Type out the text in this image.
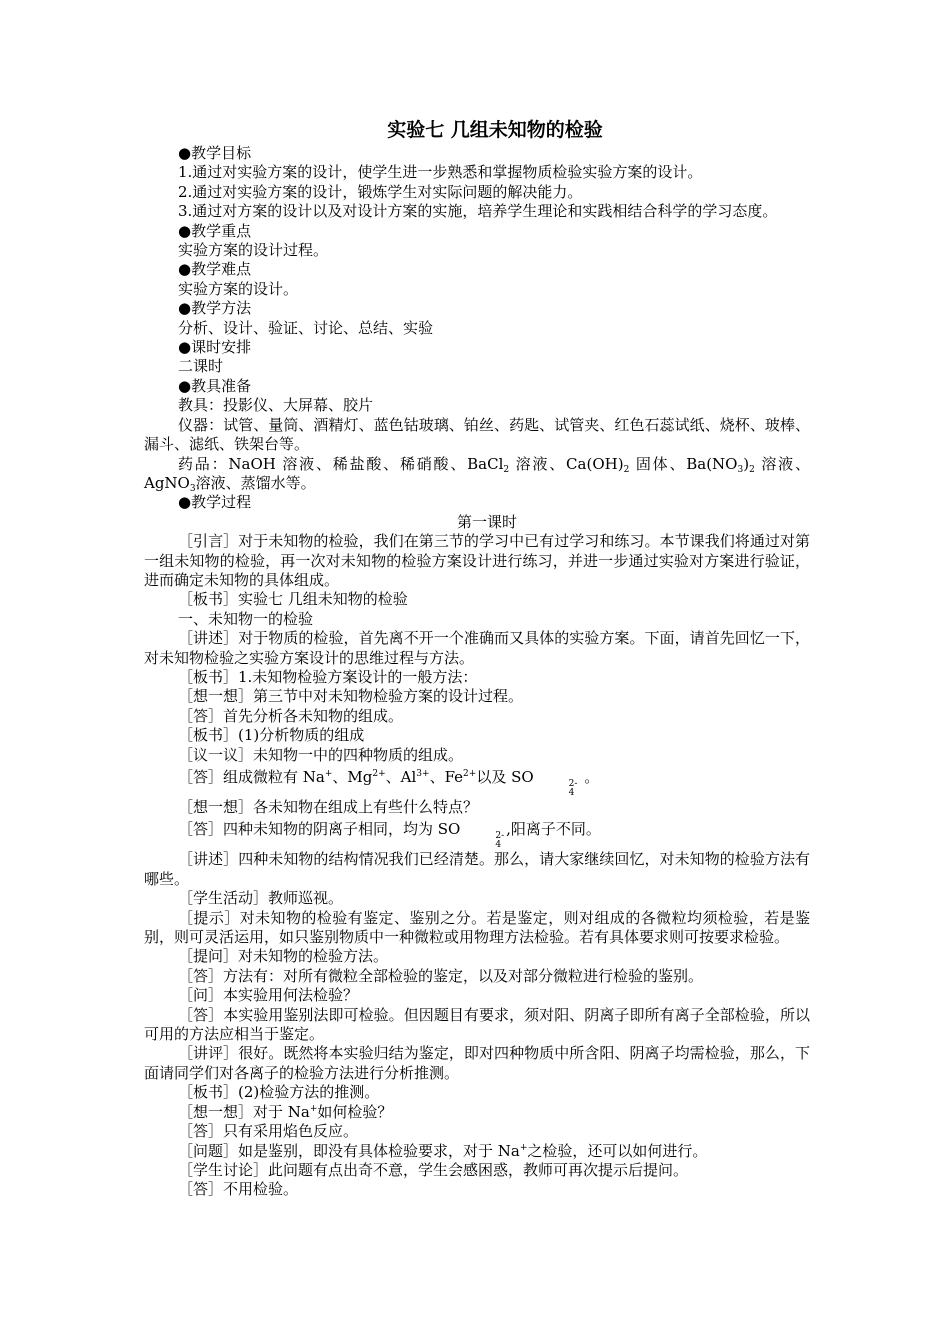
实验七 几组未知物的检验

●教学目标

1.通过对实验方案的设计，使学生进一步熟悉和掌握物质检验实验方案的设计。

2.通过对实验方案的设计，锻炼学生对实际问题的解决能力。

3.通过对方案的设计以及对设计方案的实施，培养学生理论和实践相结合科学的学习态度。

●教学重点

实验方案的设计过程。

●教学难点

实验方案的设计。

●教学方法

分析、设计、验证、讨论、总结、实验

●课时安排

二课时

●教具准备

教具：投影仪、大屏幕、胶片

仪器：试管、量筒、酒精灯、蓝色钴玻璃、铂丝、药匙、试管夹、红色石蕊试纸、烧杯、玻棒、漏斗、滤纸、铁架台等。

药品：NaOH 溶液、稀盐酸、稀硝酸、BaCl$_2$ 溶液、$Ca(OH)_2$ 固体、$Ba(NO_3)_2$ 溶液、AgNO$_3$溶液、蒸馏水等。

●教学过程

第一课时

［引言］对于未知物的检验，我们在第三节的学习中已有过学习和练习。本节课我们将通过对第一组未知物的检验，再一次对未知物的检验方案设计进行练习，并进一步通过实验对方案进行验证，进而确定未知物的具体组成。

［板书］实验七 几组未知物的检验

一、未知物一的检验

［讲述］对于物质的检验，首先离不开一个准确而又具体的实验方案。下面，请首先回忆一下，对未知物检验之实验方案设计的思维过程与方法。

［板书］1.未知物检验方案设计的一般方法：

［想一想］第三节中对未知物检验方案的设计过程。

［答］首先分析各未知物的组成。

［板书］(1)分析物质的组成

［议一议］未知物一中的四种物质的组成。

［答］组成微粒有 Na+、$Mg^{2+}$、$Al^{3+}$、$Fe^{2+}$以及 SO	2-
4
。

［想一想］各未知物在组成上有些什么特点？

［答］四种未知物的阴离子相同，均为 SO	2-
4
,阳离子不同。

［讲述］四种未知物的结构情况我们已经清楚。那么，请大家继续回忆，对未知物的检验方法有哪些。

［学生活动］教师巡视。

［提示］对未知物的检验有鉴定、鉴别之分。若是鉴定，则对组成的各微粒均须检验，若是鉴别，则可灵活运用，如只鉴别物质中一种微粒或用物理方法检验。若有具体要求则可按要求检验。

［提问］对未知物的检验方法。

［答］方法有：对所有微粒全部检验的鉴定，以及对部分微粒进行检验的鉴别。

［问］本实验用何法检验？

［答］本实验用鉴别法即可检验。但因题目有要求，须对阳、阴离子即所有离子全部检验，所以可用的方法应相当于鉴定。

［讲评］很好。既然将本实验归结为鉴定，即对四种物质中所含阳、阴离子均需检验，那么，下面请同学们对各离子的检验方法进行分析推测。

［板书］(2)检验方法的推测。

［想一想］对于 Na+如何检验？

［答］只有采用焰色反应。

［问题］如是鉴别，即没有具体检验要求，对于 Na+之检验，还可以如何进行。

［学生讨论］此问题有点出奇不意，学生会感困惑，教师可再次提示后提问。

［答］不用检验。
